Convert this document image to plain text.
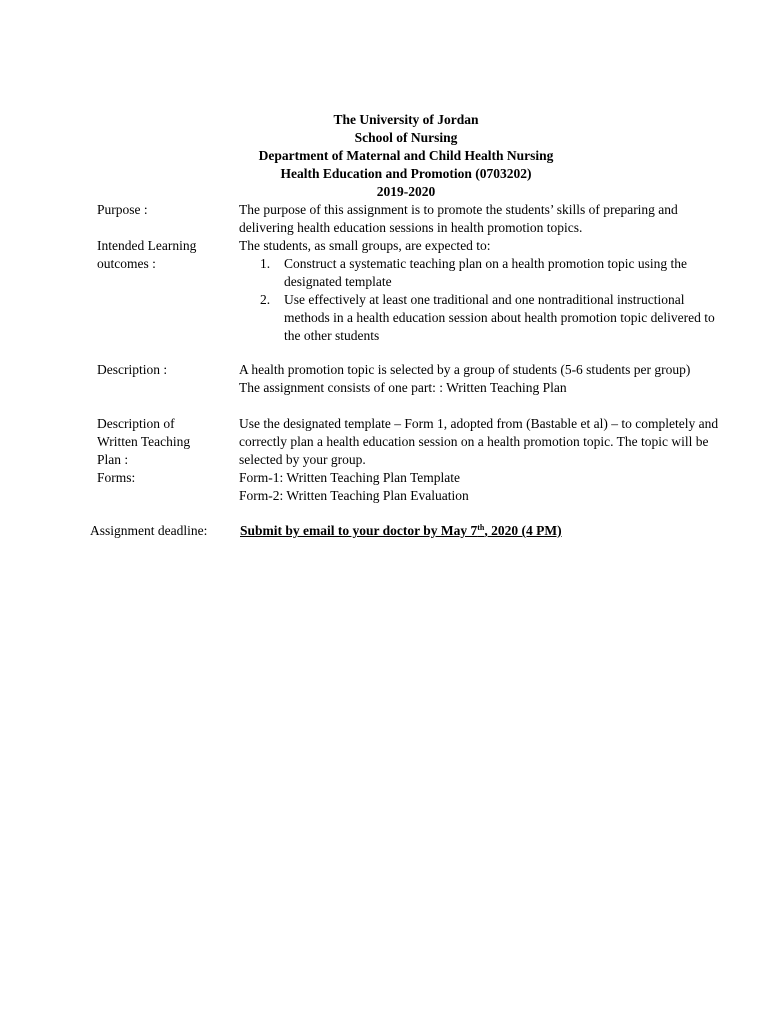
The University of Jordan
School of Nursing
Department of Maternal and Child Health Nursing
Health Education and Promotion (0703202)
2019-2020
Purpose :	The purpose of this assignment is to promote the students’ skills of preparing and delivering health education sessions in health promotion topics.
Intended Learning
outcomes :

The students, as small groups, are expected to:

1. Construct a systematic teaching plan on a health promotion topic using the designated template
2. Use effectively at least one traditional and one nontraditional instructional methods in a health education session about health promotion topic delivered to the other students
Description :	A health promotion topic is selected by a group of students (5-6 students per group)

The assignment consists of one part: : Written Teaching Plan

Description of
Written Teaching
Plan :
Use the designated template – Form 1, adopted from (Bastable et al) – to completely and correctly plan a health education session on a health promotion topic. The topic will be selected by your group.
Forms:	Form-1: Written Teaching Plan Template

Form-2: Written Teaching Plan Evaluation

Assignment deadline: Submit by email to your doctor by May 7th, 2020 (4 PM)
